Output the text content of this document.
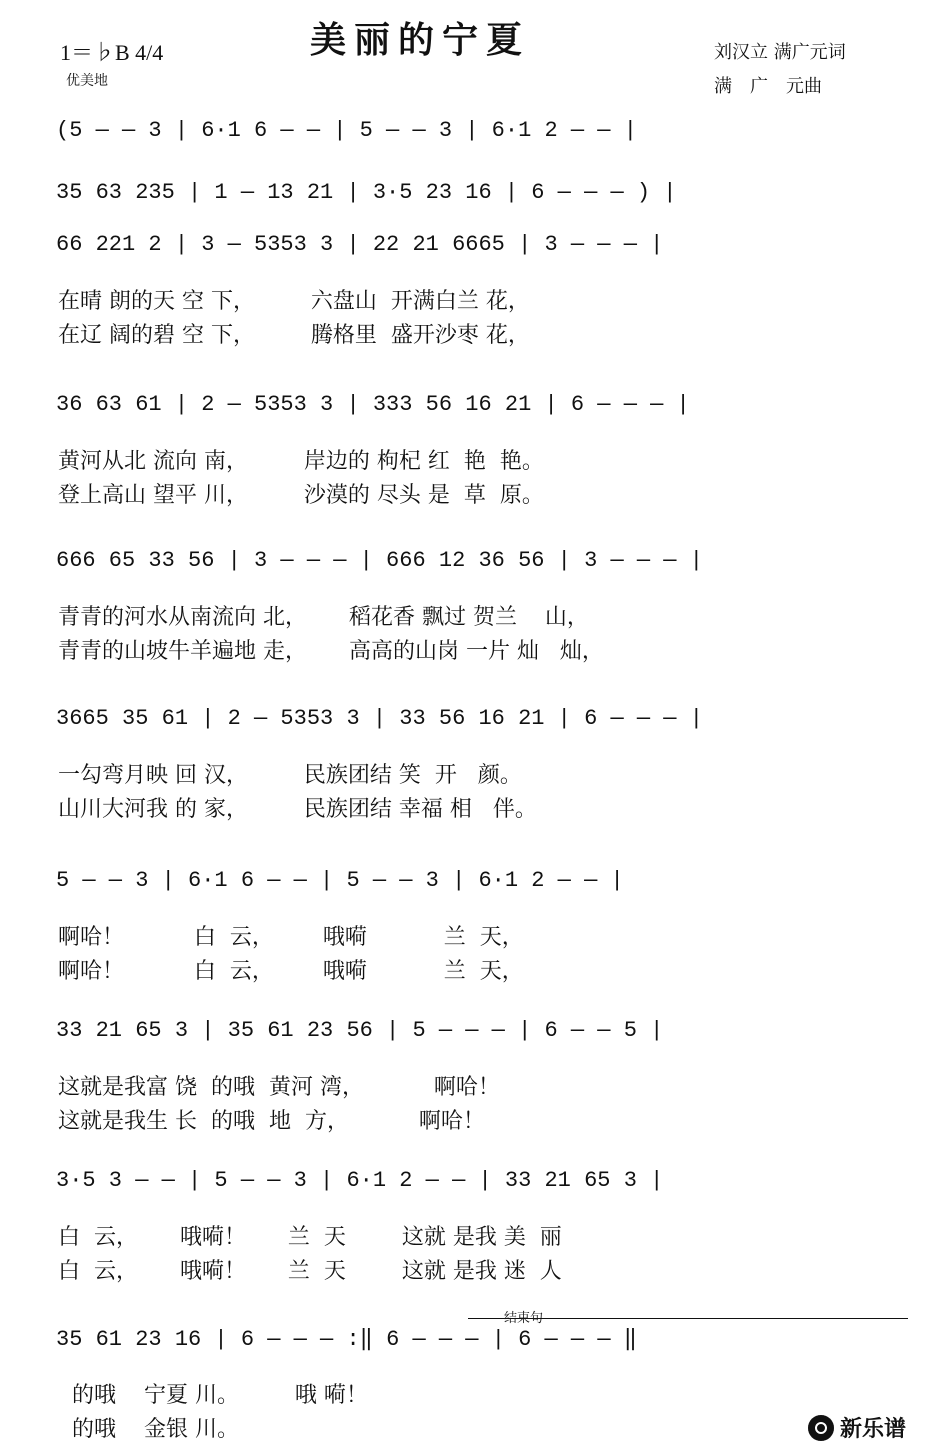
美丽的宁夏
1＝♭B 4/4
优美地
刘汉立 满广元词
满　广　元曲
(5 — — 3 | 6·1 6 — — | 5 — — 3 | 6·1 2 — — |
35 63 235 | 1 — 13 21 | 3·5 23 16 | 6 — — — ) |
66 221 2 | 3 — 5353 3 | 22 21 6665 | 3 — — — |
在晴 朗的天 空 下，        六盘山  开满白兰 花，
在辽 阔的碧 空 下，        腾格里  盛开沙枣 花，
36 63 61 | 2 — 5353 3 | 333 56 16 21 | 6 — — — |
黄河从北 流向 南，        岸边的 枸杞 红  艳  艳。
登上高山 望平 川，        沙漠的 尽头 是  草  原。
666 65 33 56 | 3 — — — | 666 12 36 56 | 3 — — — |
青青的河水从南流向 北，      稻花香 飘过 贺兰    山，
青青的山坡牛羊遍地 走，      高高的山岗 一片 灿   灿，
3665 35 61 | 2 — 5353 3 | 33 56 16 21 | 6 — — — |
一勾弯月映 回 汉，        民族团结 笑  开   颜。
山川大河我 的 家，        民族团结 幸福 相   伴。
5 — — 3 | 6·1 6 — — | 5 — — 3 | 6·1 2 — — |
啊哈！          白  云，       哦嗬           兰  天，
啊哈！          白  云，       哦嗬           兰  天，
33 21 65 3 | 35 61 23 56 | 5 — — — | 6 — — 5 |
这就是我富 饶  的哦  黄河 湾，          啊哈！
这就是我生 长  的哦  地  方，          啊哈！
3·5 3 — — | 5 — — 3 | 6·1 2 — — | 33 21 65 3 |
白  云，      哦嗬！      兰  天        这就 是我 美  丽
白  云，      哦嗬！      兰  天        这就 是我 迷  人
35 61 23 16 | 6 — — — :‖ 6 — — — | 6 — — — ‖
的哦    宁夏 川。        哦 嗬！
的哦    金银 川。
结束句
新乐谱
